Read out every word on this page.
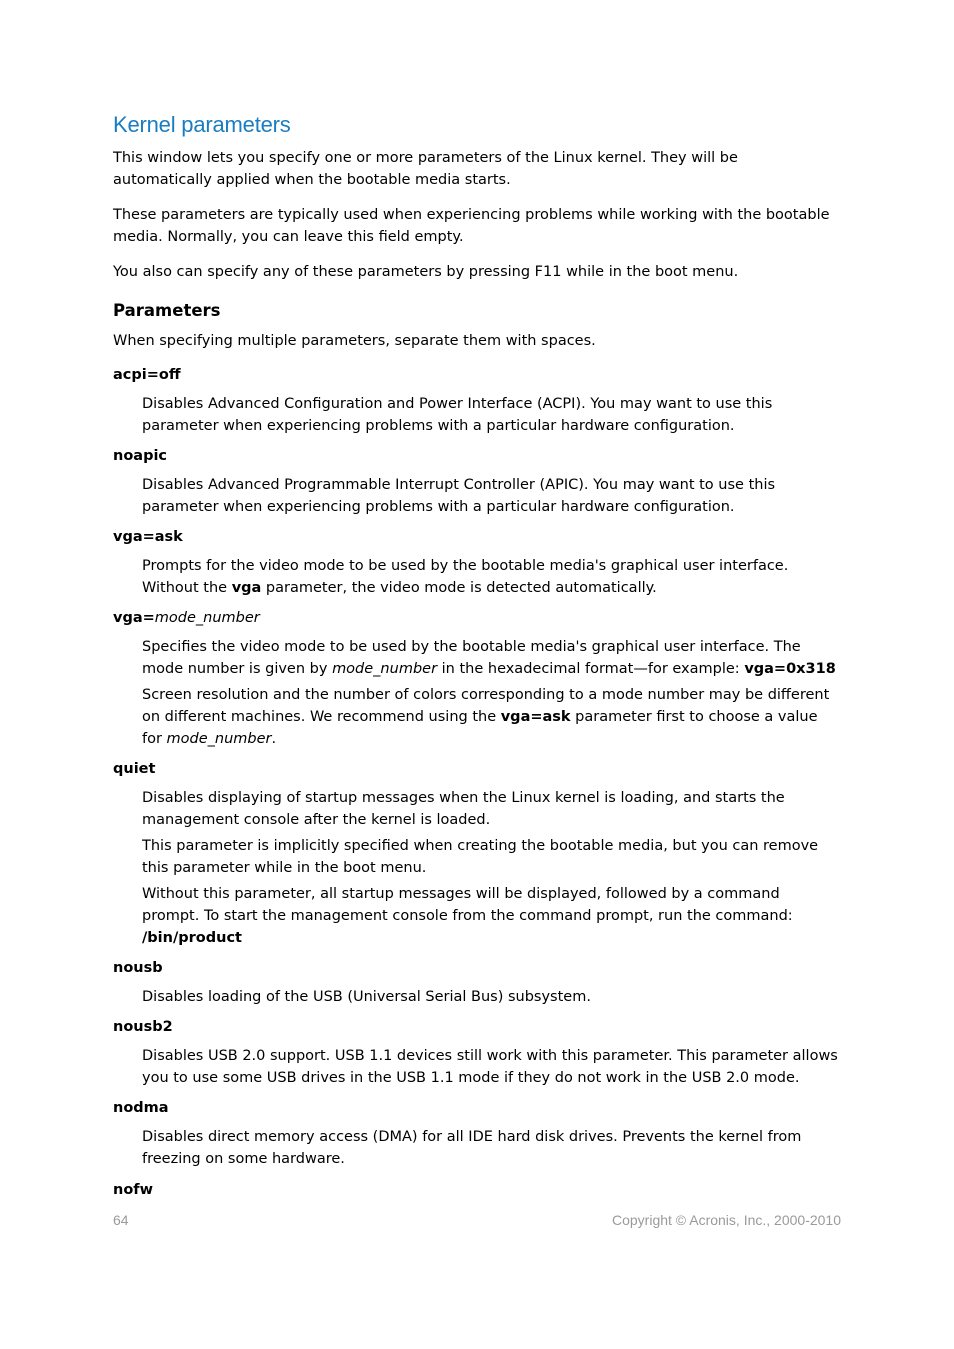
Kernel parameters

This window lets you specify one or more parameters of the Linux kernel. They will be automatically applied when the bootable media starts.

These parameters are typically used when experiencing problems while working with the bootable media. Normally, you can leave this field empty.

You also can specify any of these parameters by pressing F11 while in the boot menu.

Parameters

When specifying multiple parameters, separate them with spaces.

acpi=off

Disables Advanced Configuration and Power Interface (ACPI). You may want to use this parameter when experiencing problems with a particular hardware configuration.

noapic

Disables Advanced Programmable Interrupt Controller (APIC). You may want to use this parameter when experiencing problems with a particular hardware configuration.

vga=ask

Prompts for the video mode to be used by the bootable media's graphical user interface. Without the vga parameter, the video mode is detected automatically.

vga=mode_number

Specifies the video mode to be used by the bootable media's graphical user interface. The mode number is given by mode_number in the hexadecimal format—for example: vga=0x318

Screen resolution and the number of colors corresponding to a mode number may be different on different machines. We recommend using the vga=ask parameter first to choose a value for mode_number.

quiet

Disables displaying of startup messages when the Linux kernel is loading, and starts the management console after the kernel is loaded.

This parameter is implicitly specified when creating the bootable media, but you can remove this parameter while in the boot menu.

Without this parameter, all startup messages will be displayed, followed by a command prompt. To start the management console from the command prompt, run the command: /bin/product

nousb

Disables loading of the USB (Universal Serial Bus) subsystem.

nousb2

Disables USB 2.0 support. USB 1.1 devices still work with this parameter. This parameter allows you to use some USB drives in the USB 1.1 mode if they do not work in the USB 2.0 mode.

nodma

Disables direct memory access (DMA) for all IDE hard disk drives. Prevents the kernel from freezing on some hardware.

nofw
64	Copyright © Acronis, Inc., 2000-2010
